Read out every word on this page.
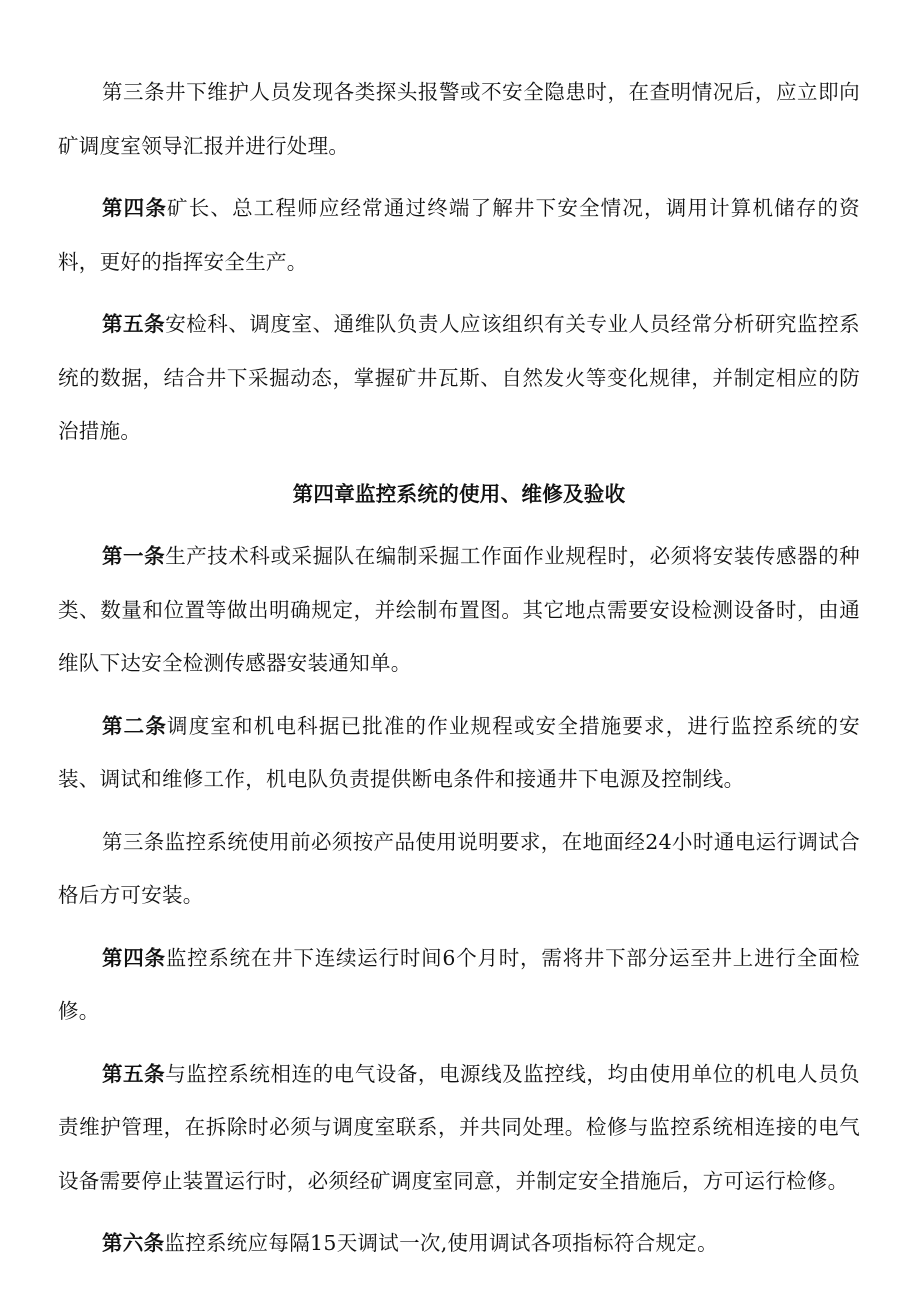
第三条井下维护人员发现各类探头报警或不安全隐患时，在查明情况后，应立即向矿调度室领导汇报并进行处理。

第四条矿长、总工程师应经常通过终端了解井下安全情况，调用计算机储存的资料，更好的指挥安全生产。

第五条安检科、调度室、通维队负责人应该组织有关专业人员经常分析研究监控系统的数据，结合井下采掘动态，掌握矿井瓦斯、自然发火等变化规律，并制定相应的防治措施。

第四章监控系统的使用、维修及验收

第一条生产技术科或采掘队在编制采掘工作面作业规程时，必须将安装传感器的种类、数量和位置等做出明确规定，并绘制布置图。其它地点需要安设检测设备时，由通维队下达安全检测传感器安装通知单。

第二条调度室和机电科据已批准的作业规程或安全措施要求，进行监控系统的安装、调试和维修工作，机电队负责提供断电条件和接通井下电源及控制线。

第三条监控系统使用前必须按产品使用说明要求，在地面经24小时通电运行调试合格后方可安装。

第四条监控系统在井下连续运行时间6个月时，需将井下部分运至井上进行全面检修。

第五条与监控系统相连的电气设备，电源线及监控线，均由使用单位的机电人员负责维护管理，在拆除时必须与调度室联系，并共同处理。检修与监控系统相连接的电气设备需要停止装置运行时，必须经矿调度室同意，并制定安全措施后，方可运行检修。

第六条监控系统应每隔15天调试一次,使用调试各项指标符合规定。
